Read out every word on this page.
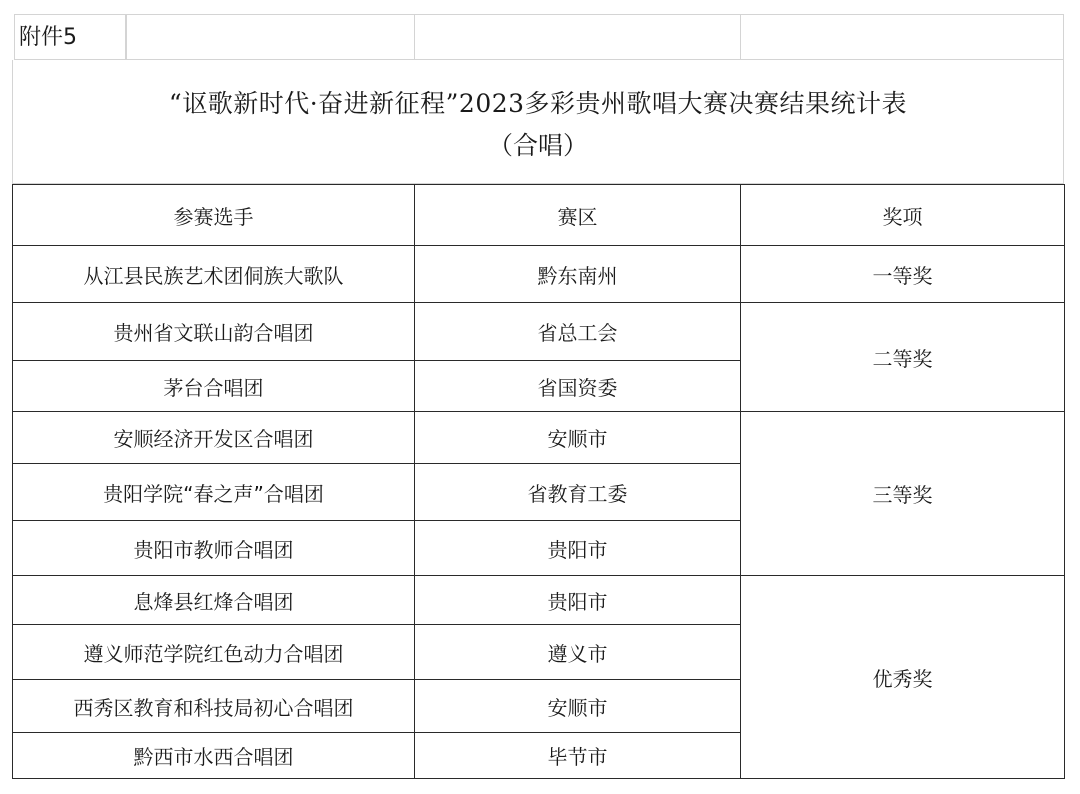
附件5
“讴歌新时代·奋进新征程”2023多彩贵州歌唱大赛决赛结果统计表
（合唱）
参赛选手	赛区	奖项
从江县民族艺术团侗族大歌队	黔东南州	一等奖
贵州省文联山韵合唱团	省总工会	二等奖
茅台合唱团	省国资委	
安顺经济开发区合唱团	安顺市	三等奖
贵阳学院“春之声”合唱团	省教育工委	
贵阳市教师合唱团	贵阳市	
息烽县红烽合唱团	贵阳市	优秀奖
遵义师范学院红色动力合唱团	遵义市	
西秀区教育和科技局初心合唱团	安顺市	
黔西市水西合唱团	毕节市	
